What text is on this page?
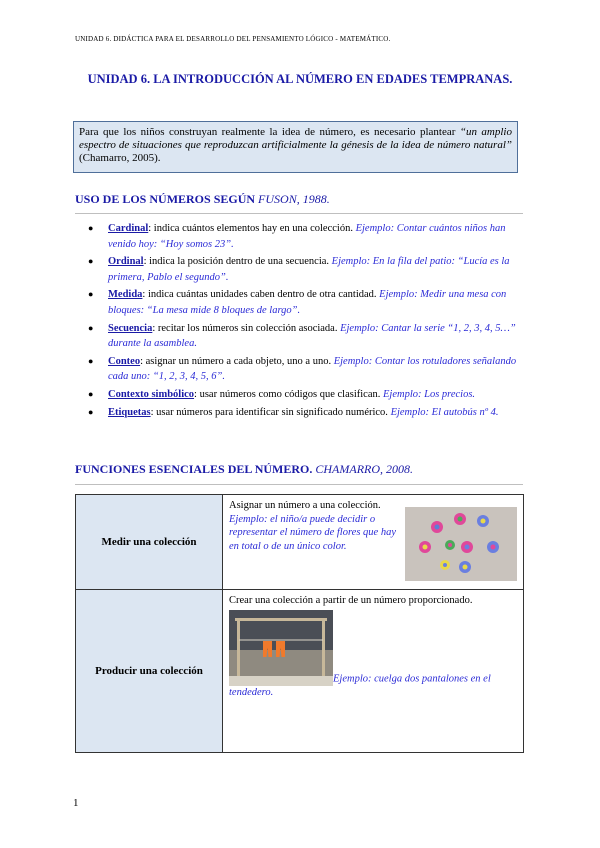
UNIDAD 6. DIDÁCTICA PARA EL DESARROLLO DEL PENSAMIENTO LÓGICO - MATEMÁTICO.
UNIDAD 6. LA INTRODUCCIÓN AL NÚMERO EN EDADES TEMPRANAS.
Para que los niños construyan realmente la idea de número, es necesario plantear “un amplio espectro de situaciones que reproduzcan artificialmente la génesis de la idea de número natural” (Chamarro, 2005).
USO DE LOS NÚMEROS SEGÚN FUSON, 1988.
● Cardinal: indica cuántos elementos hay en una colección. Ejemplo: Contar cuántos niños han venido hoy: “Hoy somos 23”.
● Ordinal: indica la posición dentro de una secuencia. Ejemplo: En la fila del patio: “Lucía es la primera, Pablo el segundo”.
● Medida: indica cuántas unidades caben dentro de otra cantidad. Ejemplo: Medir una mesa con bloques: “La mesa mide 8 bloques de largo”.
● Secuencia: recitar los números sin colección asociada. Ejemplo: Cantar la serie “1, 2, 3, 4, 5…” durante la asamblea.
● Conteo: asignar un número a cada objeto, uno a uno. Ejemplo: Contar los rotuladores señalando cada uno: “1, 2, 3, 4, 5, 6”.
● Contexto simbólico: usar números como códigos que clasifican. Ejemplo: Los precios.
● Etiquetas: usar números para identificar sin significado numérico. Ejemplo: El autobús nº 4.
FUNCIONES ESENCIALES DEL NÚMERO. CHAMARRO, 2008.
Medir una colección	Asignar un número a una colección.
Ejemplo: el niño/a puede decidir o representar el número de flores que hay en total o de un único color.
Producir una colección	Crear una colección a partir de un número proporcionado.
Ejemplo: cuelga dos pantalones en el tendedero.
1
